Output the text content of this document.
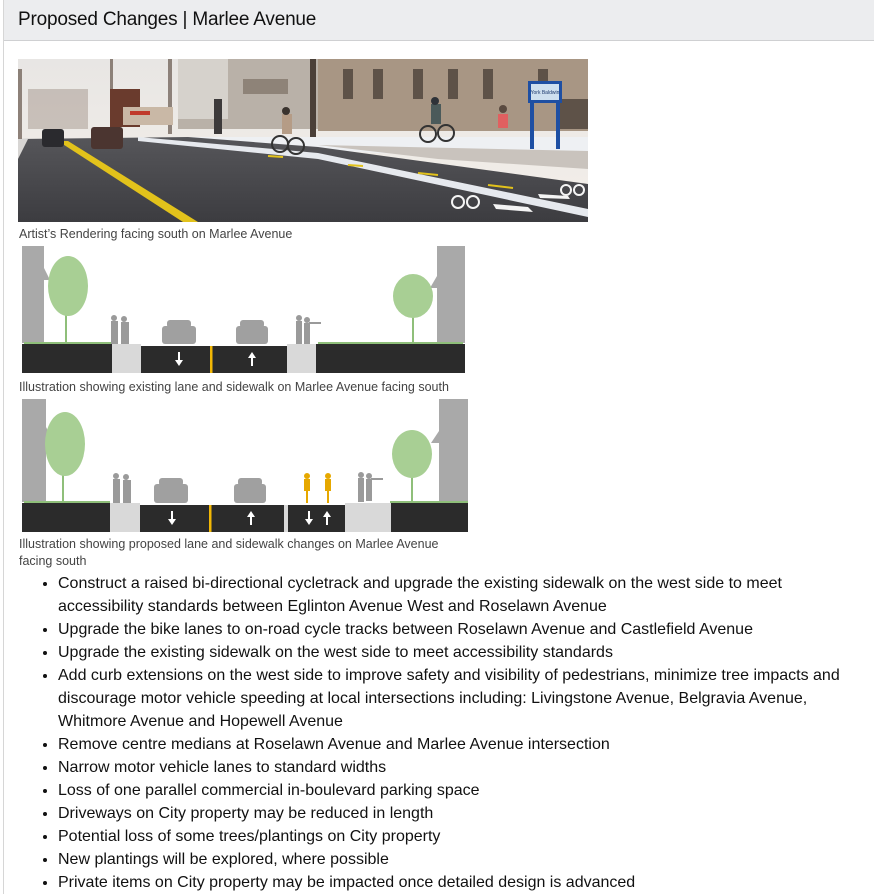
Proposed Changes | Marlee Avenue
York Baldwin
Artist’s Rendering facing south on Marlee Avenue
Illustration showing existing lane and sidewalk on Marlee Avenue facing south
Illustration showing proposed lane and sidewalk changes on Marlee Avenue facing south
• Construct a raised bi-directional cycletrack and upgrade the existing sidewalk on the west side to meet accessibility standards between Eglinton Avenue West and Roselawn Avenue
• Upgrade the bike lanes to on-road cycle tracks between Roselawn Avenue and Castlefield Avenue
• Upgrade the existing sidewalk on the west side to meet accessibility standards
• Add curb extensions on the west side to improve safety and visibility of pedestrians, minimize tree impacts and discourage motor vehicle speeding at local intersections including: Livingstone Avenue, Belgravia Avenue, Whitmore Avenue and Hopewell Avenue
• Remove centre medians at Roselawn Avenue and Marlee Avenue intersection
• Narrow motor vehicle lanes to standard widths
• Loss of one parallel commercial in-boulevard parking space
• Driveways on City property may be reduced in length
• Potential loss of some trees/plantings on City property
• New plantings will be explored, where possible
• Private items on City property may be impacted once detailed design is advanced
